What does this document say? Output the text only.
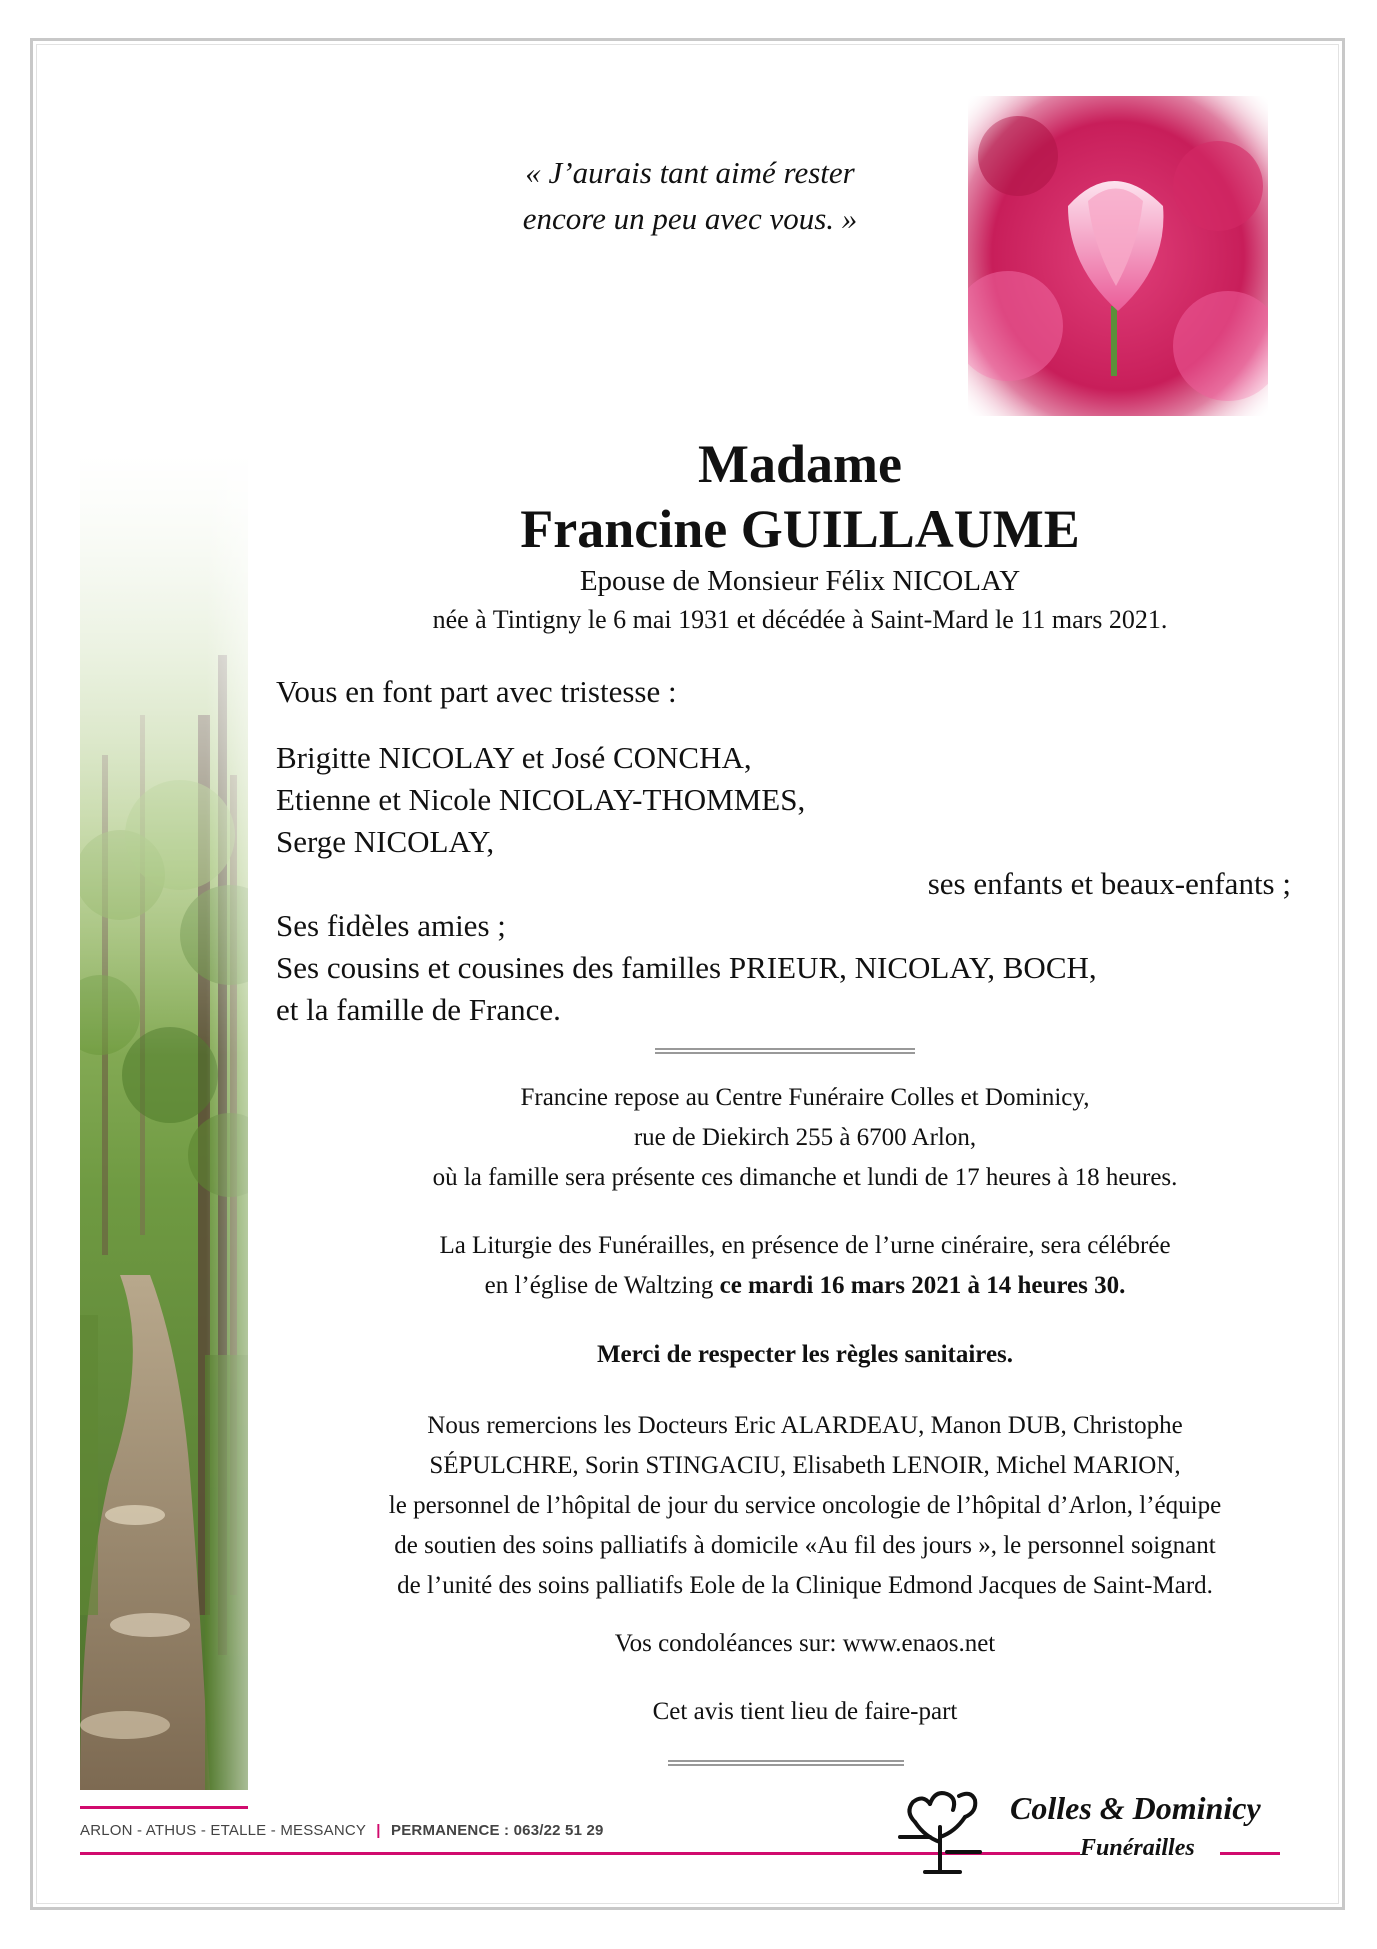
« J’aurais tant aimé rester
encore un peu avec vous. »
Madame
Francine GUILLAUME
Epouse de Monsieur Félix NICOLAY
née à Tintigny le 6 mai 1931 et décédée à Saint-Mard le 11 mars 2021.
Vous en font part avec tristesse :
Brigitte NICOLAY et José CONCHA,
Etienne et Nicole NICOLAY-THOMMES,
Serge NICOLAY,
ses enfants et beaux-enfants ;
Ses fidèles amies ;
Ses cousins et cousines des familles PRIEUR, NICOLAY, BOCH,
et la famille de France.
Francine repose au Centre Funéraire Colles et Dominicy,
rue de Diekirch 255 à 6700 Arlon,
où la famille sera présente ces dimanche et lundi de 17 heures à 18 heures.
La Liturgie des Funérailles, en présence de l’urne cinéraire, sera célébrée
en l’église de Waltzing ce mardi 16 mars 2021 à 14 heures 30.
Merci de respecter les règles sanitaires.
Nous remercions les Docteurs Eric ALARDEAU, Manon DUB, Christophe
SÉPULCHRE, Sorin STINGACIU, Elisabeth LENOIR, Michel MARION,
le personnel de l’hôpital de jour du service oncologie de l’hôpital d’Arlon, l’équipe
de soutien des soins palliatifs à domicile «Au fil des jours », le personnel soignant
de l’unité des soins palliatifs Eole de la Clinique Edmond Jacques de Saint-Mard.
Vos condoléances sur: www.enaos.net
Cet avis tient lieu de faire-part
ARLON - ATHUS - ETALLE - MESSANCY | PERMANENCE : 063/22 51 29
Colles & Dominicy
Funérailles
